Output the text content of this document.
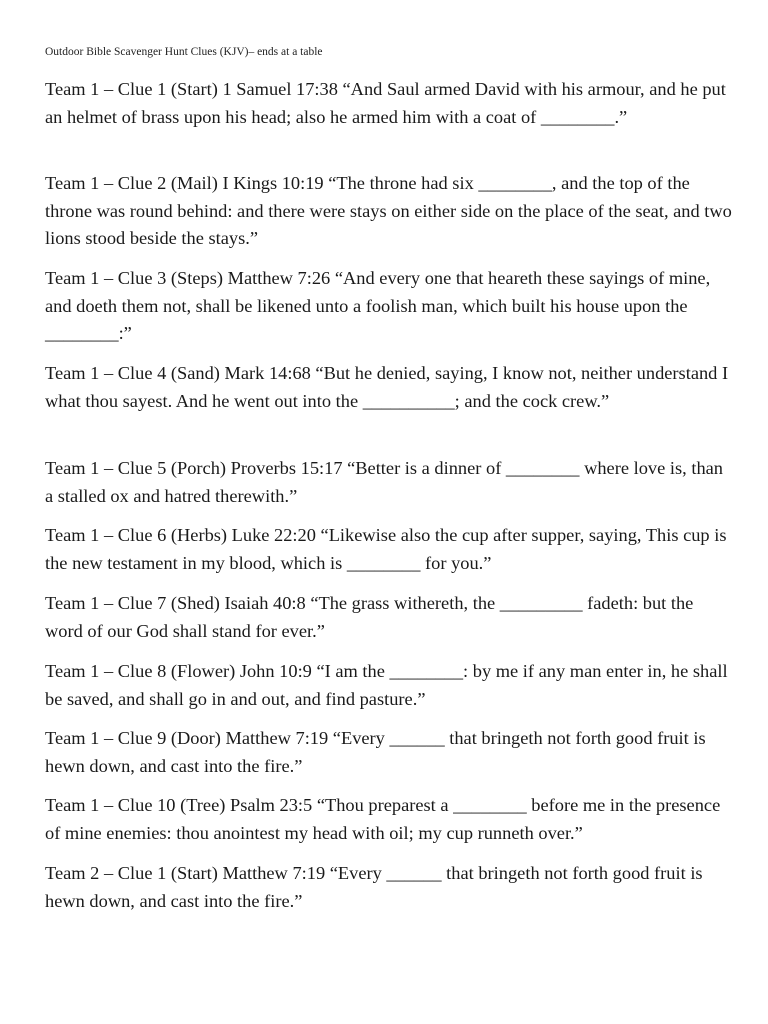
Outdoor Bible Scavenger Hunt Clues (KJV)– ends at a table

Team 1 – Clue 1 (Start) 1 Samuel 17:38 “And Saul armed David with his armour, and he put an helmet of brass upon his head; also he armed him with a coat of ________.”

Team 1 – Clue 2 (Mail) I Kings 10:19 “The throne had six ________, and the top of the throne was round behind: and there were stays on either side on the place of the seat, and two lions stood beside the stays.”

Team 1 – Clue 3 (Steps) Matthew 7:26 “And every one that heareth these sayings of mine, and doeth them not, shall be likened unto a foolish man, which built his house upon the ________:”

Team 1 – Clue 4 (Sand) Mark 14:68 “But he denied, saying, I know not, neither understand I what thou sayest. And he went out into the __________; and the cock crew.”

Team 1 – Clue 5 (Porch) Proverbs 15:17 “Better is a dinner of ________ where love is, than a stalled ox and hatred therewith.”

Team 1 – Clue 6 (Herbs) Luke 22:20 “Likewise also the cup after supper, saying, This cup is the new testament in my blood, which is ________ for you.”

Team 1 – Clue 7 (Shed) Isaiah 40:8 “The grass withereth, the _________ fadeth: but the word of our God shall stand for ever.”

Team 1 – Clue 8 (Flower) John 10:9 “I am the ________: by me if any man enter in, he shall be saved, and shall go in and out, and find pasture.”

Team 1 – Clue 9 (Door) Matthew 7:19 “Every ______ that bringeth not forth good fruit is hewn down, and cast into the fire.”

Team 1 – Clue 10 (Tree) Psalm 23:5 “Thou preparest a ________ before me in the presence of mine enemies: thou anointest my head with oil; my cup runneth over.”

Team 2 – Clue 1 (Start) Matthew 7:19 “Every ______ that bringeth not forth good fruit is hewn down, and cast into the fire.”
